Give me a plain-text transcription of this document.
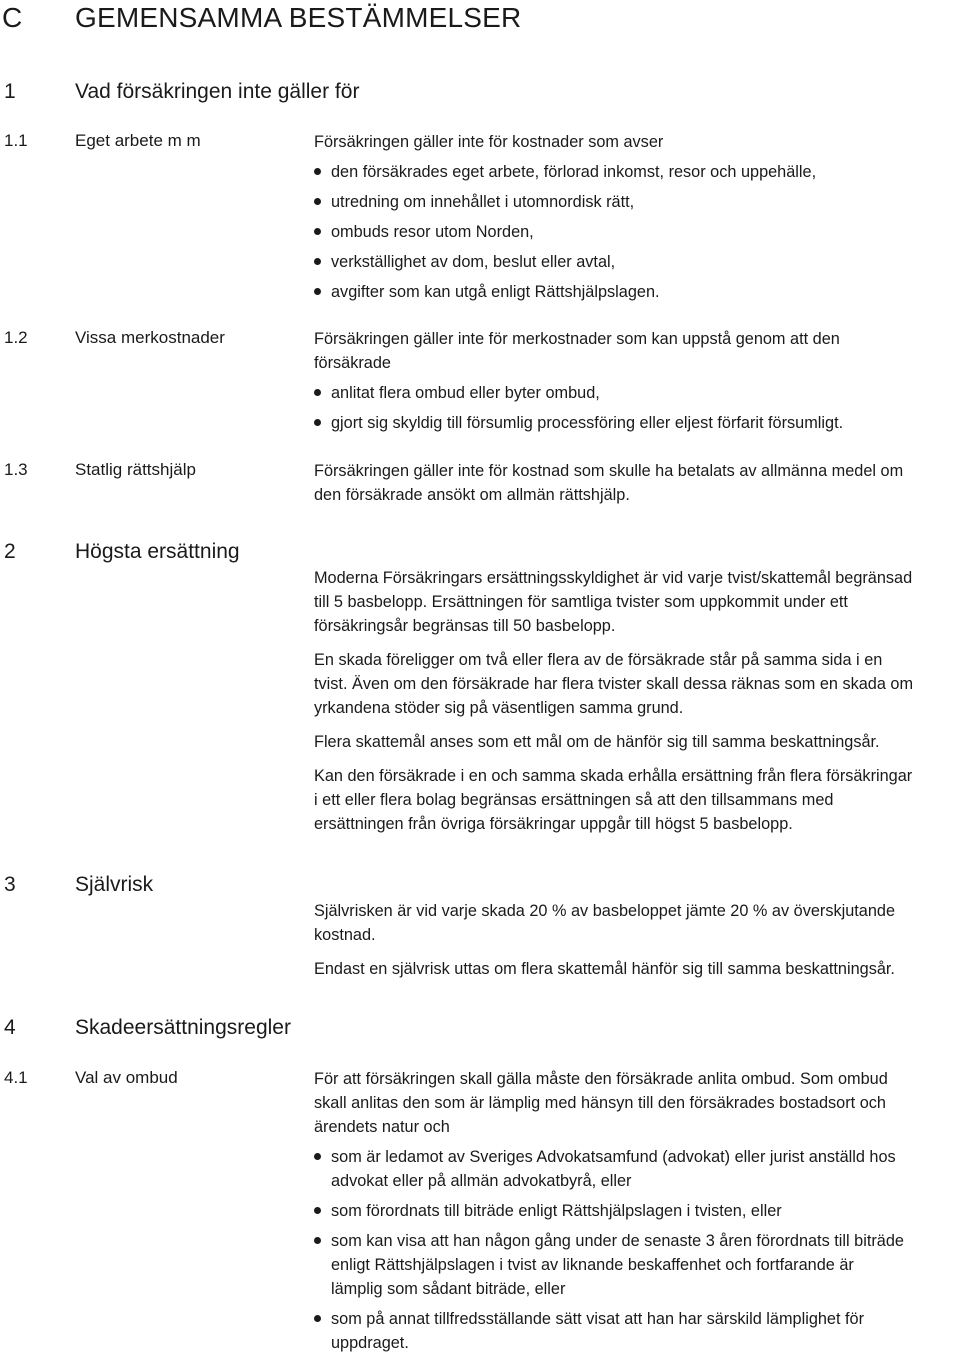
C GEMENSAMMA BESTÄMMELSER
1	Vad försäkringen inte gäller för
1.1	Eget arbete m m	Försäkringen gäller inte för kostnader som avser

den försäkrades eget arbete, förlorad inkomst, resor och uppehälle,
utredning om innehållet i utomnordisk rätt,
ombuds resor utom Norden,
verkställighet av dom, beslut eller avtal,
avgifter som kan utgå enligt Rättshjälpslagen.
1.2	Vissa merkostnader	Försäkringen gäller inte för merkostnader som kan uppstå genom att den

försäkrade

anlitat flera ombud eller byter ombud,
gjort sig skyldig till försumlig processföring eller eljest förfarit försumligt.
1.3	Statlig rättshjälp	Försäkringen gäller inte för kostnad som skulle ha betalats av allmänna medel om

den försäkrade ansökt om allmän rättshjälp.

2	Högsta ersättning

Moderna Försäkringars ersättningsskyldighet är vid varje tvist/skattemål begränsad

till 5 basbelopp. Ersättningen för samtliga tvister som uppkommit under ett

försäkringsår begränsas till 50 basbelopp.

En skada föreligger om två eller flera av de försäkrade står på samma sida i en

tvist. Även om den försäkrade har flera tvister skall dessa räknas som en skada om

yrkandena stöder sig på väsentligen samma grund.

Flera skattemål anses som ett mål om de hänför sig till samma beskattningsår.

Kan den försäkrade i en och samma skada erhålla ersättning från flera försäkringar

i ett eller flera bolag begränsas ersättningen så att den tillsammans med

ersättningen från övriga försäkringar uppgår till högst 5 basbelopp.

3	Självrisk

Självrisken är vid varje skada 20 % av basbeloppet jämte 20 % av överskjutande

kostnad.

Endast en självrisk uttas om flera skattemål hänför sig till samma beskattningsår.

4	Skadeersättningsregler
4.1	Val av ombud	För att försäkringen skall gälla måste den försäkrade anlita ombud. Som ombud

skall anlitas den som är lämplig med hänsyn till den försäkrades bostadsort och

ärendets natur och

som är ledamot av Sveriges Advokatsamfund (advokat) eller jurist anställd hos
advokat eller på allmän advokatbyrå, eller
som förordnats till biträde enligt Rättshjälpslagen i tvisten, eller
som kan visa att han någon gång under de senaste 3 åren förordnats till biträde
enligt Rättshjälpslagen i tvist av liknande beskaffenhet och fortfarande är
lämplig som sådant biträde, eller
som på annat tillfredsställande sätt visat att han har särskild lämplighet för
uppdraget.
